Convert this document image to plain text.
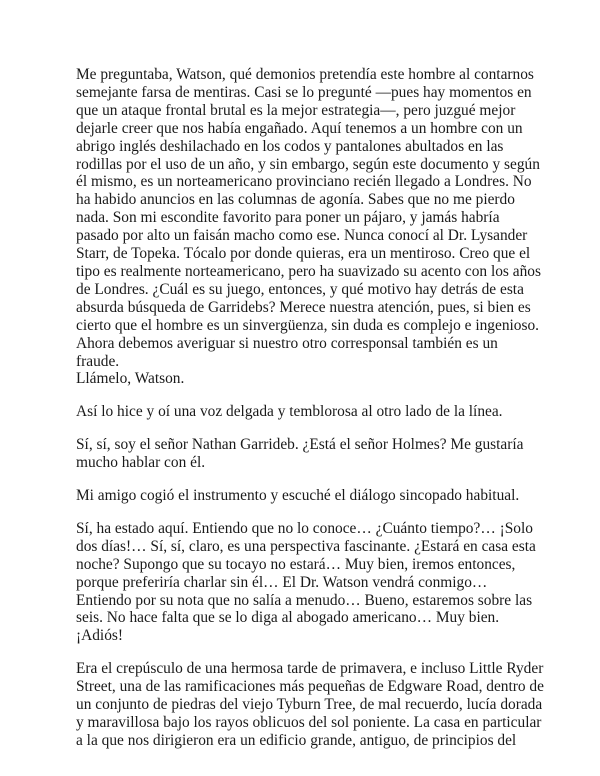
Me preguntaba, Watson, qué demonios pretendía este hombre al contarnos
semejante farsa de mentiras. Casi se lo pregunté —pues hay momentos en
que un ataque frontal brutal es la mejor estrategia—, pero juzgué mejor
dejarle creer que nos había engañado. Aquí tenemos a un hombre con un
abrigo inglés deshilachado en los codos y pantalones abultados en las
rodillas por el uso de un año, y sin embargo, según este documento y según
él mismo, es un norteamericano provinciano recién llegado a Londres. No
ha habido anuncios en las columnas de agonía. Sabes que no me pierdo
nada. Son mi escondite favorito para poner un pájaro, y jamás habría
pasado por alto un faisán macho como ese. Nunca conocí al Dr. Lysander
Starr, de Topeka. Tócalo por donde quieras, era un mentiroso. Creo que el
tipo es realmente norteamericano, pero ha suavizado su acento con los años
de Londres. ¿Cuál es su juego, entonces, y qué motivo hay detrás de esta
absurda búsqueda de Garridebs? Merece nuestra atención, pues, si bien es
cierto que el hombre es un sinvergüenza, sin duda es complejo e ingenioso.
Ahora debemos averiguar si nuestro otro corresponsal también es un fraude.
Llámelo, Watson.

Así lo hice y oí una voz delgada y temblorosa al otro lado de la línea.

Sí, sí, soy el señor Nathan Garrideb. ¿Está el señor Holmes? Me gustaría
mucho hablar con él.

Mi amigo cogió el instrumento y escuché el diálogo sincopado habitual.

Sí, ha estado aquí. Entiendo que no lo conoce… ¿Cuánto tiempo?… ¡Solo
dos días!… Sí, sí, claro, es una perspectiva fascinante. ¿Estará en casa esta
noche? Supongo que su tocayo no estará… Muy bien, iremos entonces,
porque preferiría charlar sin él… El Dr. Watson vendrá conmigo…
Entiendo por su nota que no salía a menudo… Bueno, estaremos sobre las
seis. No hace falta que se lo diga al abogado americano… Muy bien.
¡Adiós!

Era el crepúsculo de una hermosa tarde de primavera, e incluso Little Ryder
Street, una de las ramificaciones más pequeñas de Edgware Road, dentro de
un conjunto de piedras del viejo Tyburn Tree, de mal recuerdo, lucía dorada
y maravillosa bajo los rayos oblicuos del sol poniente. La casa en particular
a la que nos dirigieron era un edificio grande, antiguo, de principios del
